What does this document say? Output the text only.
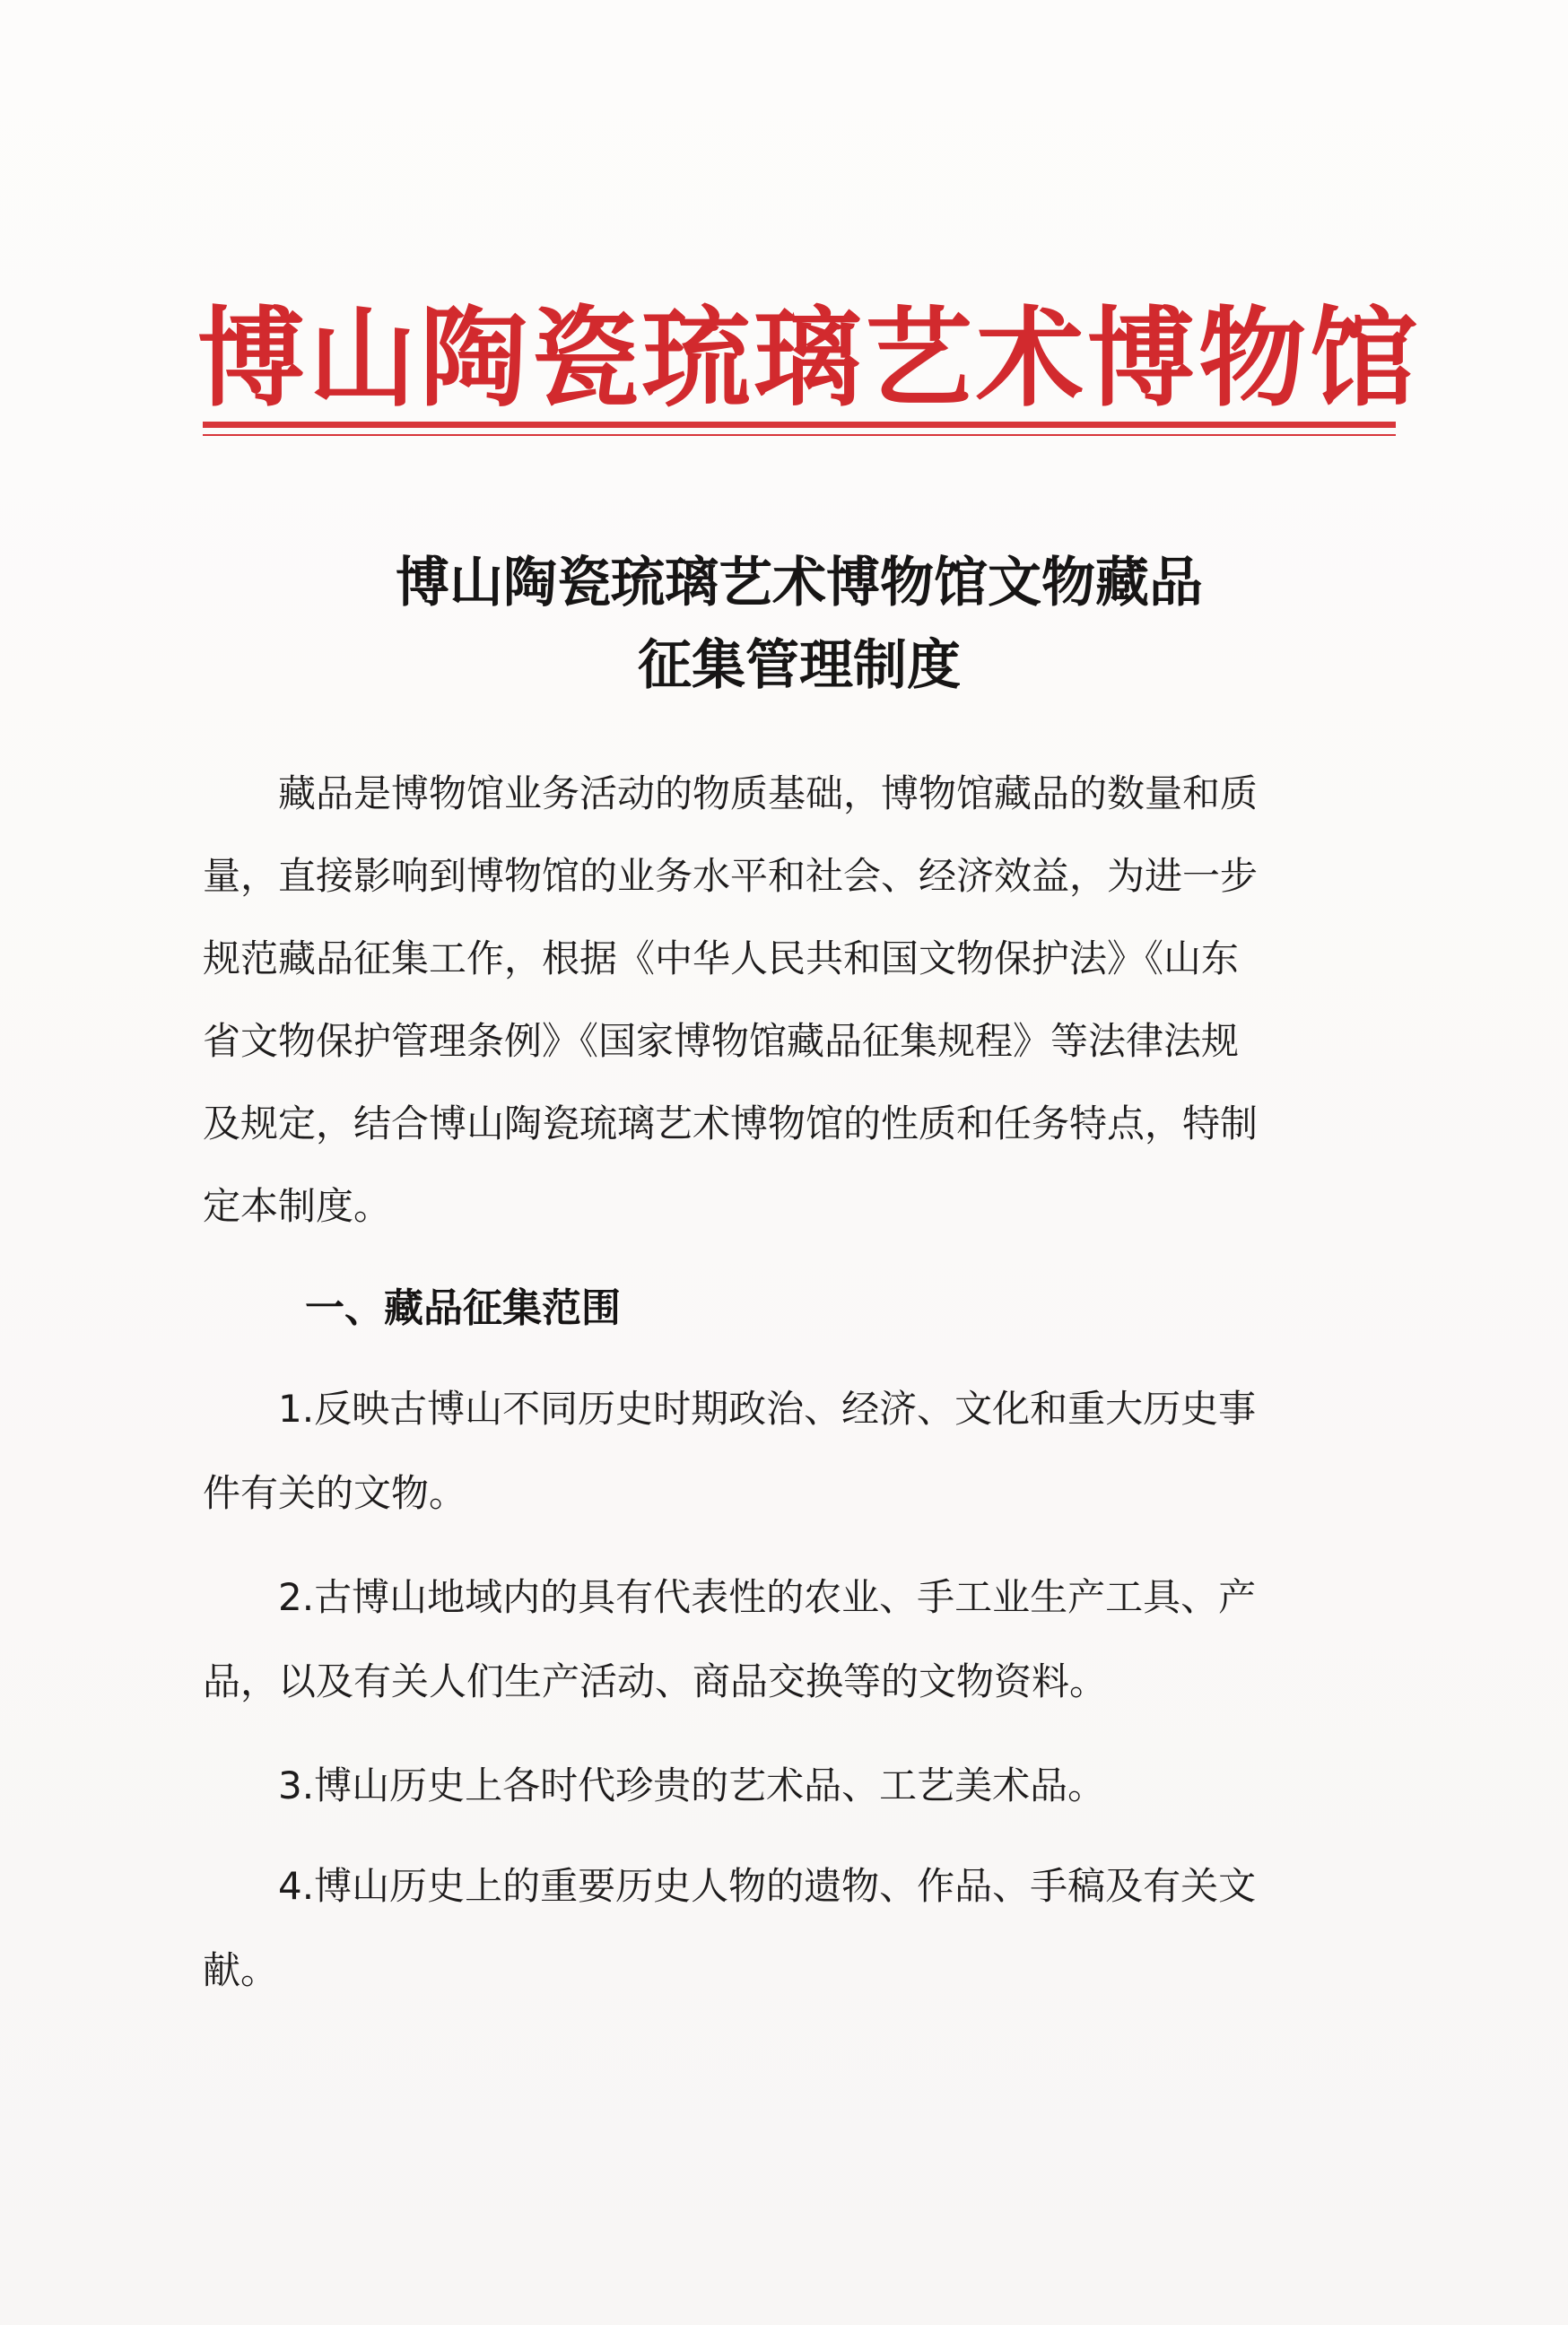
博山陶瓷琉璃艺术博物馆
博山陶瓷琉璃艺术博物馆文物藏品
征集管理制度
　　藏品是博物馆业务活动的物质基础，博物馆藏品的数量和质
量，直接影响到博物馆的业务水平和社会、经济效益，为进一步
规范藏品征集工作，根据《中华人民共和国文物保护法》《山东
省文物保护管理条例》《国家博物馆藏品征集规程》等法律法规
及规定，结合博山陶瓷琉璃艺术博物馆的性质和任务特点，特制
定本制度。
一、藏品征集范围
　　1.反映古博山不同历史时期政治、经济、文化和重大历史事
件有关的文物。
　　2.古博山地域内的具有代表性的农业、手工业生产工具、产
品，以及有关人们生产活动、商品交换等的文物资料。
　　3.博山历史上各时代珍贵的艺术品、工艺美术品。
　　4.博山历史上的重要历史人物的遗物、作品、手稿及有关文
献。
